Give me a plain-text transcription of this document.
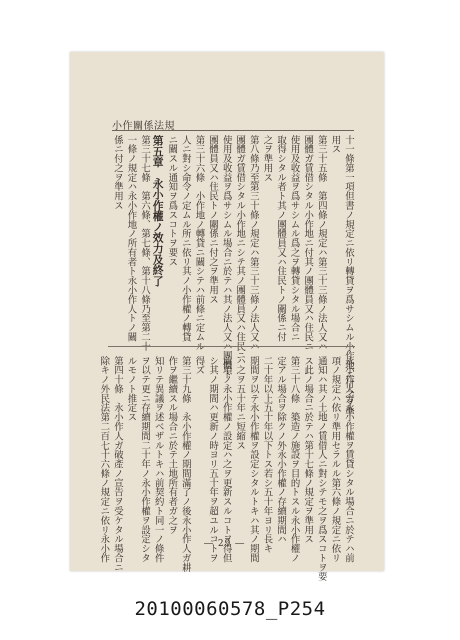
小作關係法規
十一條第一項但書ノ規定ニ依リ轉貸ヲ爲サシムル小作地ニ付之ヲ準
用ス
第三十五條　第四條ノ規定ハ第三十三條ノ法人又ハ
團體ガ賃借シタル小作地ニ付其ノ團體員又ハ住民ニ
使用及收益ヲ爲サシムル爲之ヲ轉貸シタル場合ニ
取得シタル者ト其ノ團體員又ハ住民トノ關係ニ付
之ヲ準用ス
第八條乃至第三十條ノ規定ハ第三十三條ノ法人又ハ
團體ガ賃借シタル小作地ニシテ其ノ團體員又ハ住民ニ
使用及收益ヲ爲サシムル場合ニ於テハ其ノ法人又ハ團體ト
團體員又ハ住民トノ關係ニ付之ヲ準用ス
第三十六條　小作地ノ轉貸ニ關シテハ前條ニ定ムル
人ニ對シ命令ノ定ムル所ニ依リ其ノ小作權ノ轉貸
ニ關スル通知ヲ爲スコトヲ要ス
第五章　永小作權ノ效力及終了
第三十七條　第六條、第七條、第十八條乃至第二十
一條ノ規定ハ永小作地ノ所有者ト永小作人トノ關
係ニ付之ヲ準用ス
永小作人ガ永小作權ヲ賃貸シタル場合ニ於テハ前
項ノ規定ハ依リ準用セラルル第六條ノ規定ニ依リ
通知ハ其ノ土地ノ賃借人ニ對シテモ之ヲ爲スコトヲ要
ス此ノ場合ニ於テハ第十七條ノ規定ヲ準用ス
第三十八條　築造ノ施設ヲ目的トスル永小作權ノ
定アル場合ヲ除クノ外永小作權ノ存續期間ハ
二十年以上五十年以下トス若シ五十年ヨリ長キ
期間ヲ以テ永小作權ヲ設定シタルトキハ其ノ期間
ハ之ヲ五十年ニ短縮ス
前項ノ永小作權ノ設定ハ之ヲ更新スルコトヲ得但
シ其ノ期間ハ更新ノ時ヨリ五十年ヲ超ユルコトヲ
得ズ
第三十九條　永小作權ノ期間滿了ノ後永小作人ガ耕
作ヲ繼續スル場合ニ於テ土地所有者ガ之ヲ
知リテ異議ヲ述ベザルトキハ前契約ト同一ノ條件
ヲ以テ更ニ存續期間二十年ノ永小作權ヲ設定シタ
ルモノト推定ス
第四十條　永小作人ガ破產ノ宣告ヲ受ケタル場合ニ
除キノ外民法第二百七十六條ノ規定ニ依リ永小作	― 29 ―
20100060578_P254
